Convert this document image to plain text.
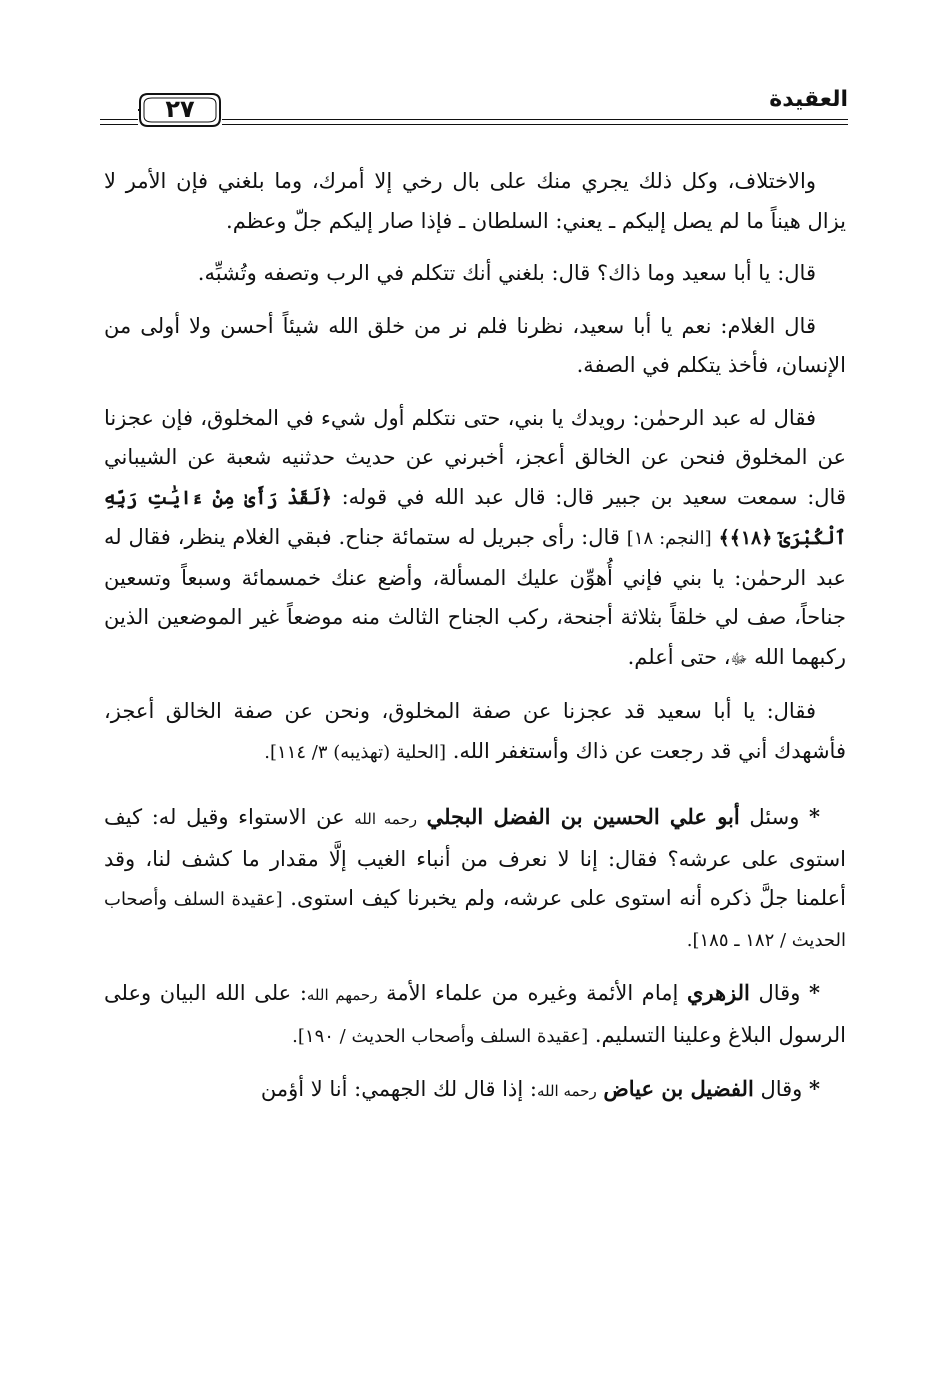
العقيدة
٢٧

والاختلاف، وكل ذلك يجري منك على بال رخي إلا أمرك، وما بلغني فإن الأمر لا يزال هيناً ما لم يصل إليكم ـ يعني: السلطان ـ فإذا صار إليكم جلّ وعظم.

قال: يا أبا سعيد وما ذاك؟ قال: بلغني أنك تتكلم في الرب وتصفه وتُشبِّه.

قال الغلام: نعم يا أبا سعيد، نظرنا فلم نر من خلق الله شيئاً أحسن ولا أولى من الإنسان، فأخذ يتكلم في الصفة.

فقال له عبد الرحمٰن: رويدك يا بني، حتى نتكلم أول شيء في المخلوق، فإن عجزنا عن المخلوق فنحن عن الخالق أعجز، أخبرني عن حديث حدثنيه شعبة عن الشيباني قال: سمعت سعيد بن جبير قال: قال عبد الله في قوله: ﴿لَقَدْ رَأَىٰ مِنْ ءَايَٰتِ رَبِّهِ ٱلْكُبْرَىٰٓ ﴿١٨﴾﴾ [النجم: ١٨] قال: رأى جبريل له ستمائة جناح. فبقي الغلام ينظر، فقال له عبد الرحمٰن: يا بني فإني أُهوِّن عليك المسألة، وأضع عنك خمسمائة وسبعاً وتسعين جناحاً، صف لي خلقاً بثلاثة أجنحة، ركب الجناح الثالث منه موضعاً غير الموضعين الذين ركبهما الله ﷻ، حتى أعلم.

فقال: يا أبا سعيد قد عجزنا عن صفة المخلوق، ونحن عن صفة الخالق أعجز، فأشهدك أني قد رجعت عن ذاك وأستغفر الله. [الحلية (تهذيبه) ٣/ ١١٤].

* وسئل أبو علي الحسين بن الفضل البجلي رحمه الله عن الاستواء وقيل له: كيف استوى على عرشه؟ فقال: إنا لا نعرف من أنباء الغيب إلَّا مقدار ما كشف لنا، وقد أعلمنا جلَّ ذكره أنه استوى على عرشه، ولم يخبرنا كيف استوى. [عقيدة السلف وأصحاب الحديث / ١٨٢ ـ ١٨٥].

* وقال الزهري إمام الأئمة وغيره من علماء الأمة رحمهم الله: على الله البيان وعلى الرسول البلاغ وعلينا التسليم. [عقيدة السلف وأصحاب الحديث / ١٩٠].

* وقال الفضيل بن عياض رحمه الله: إذا قال لك الجهمي: أنا لا أؤمن
